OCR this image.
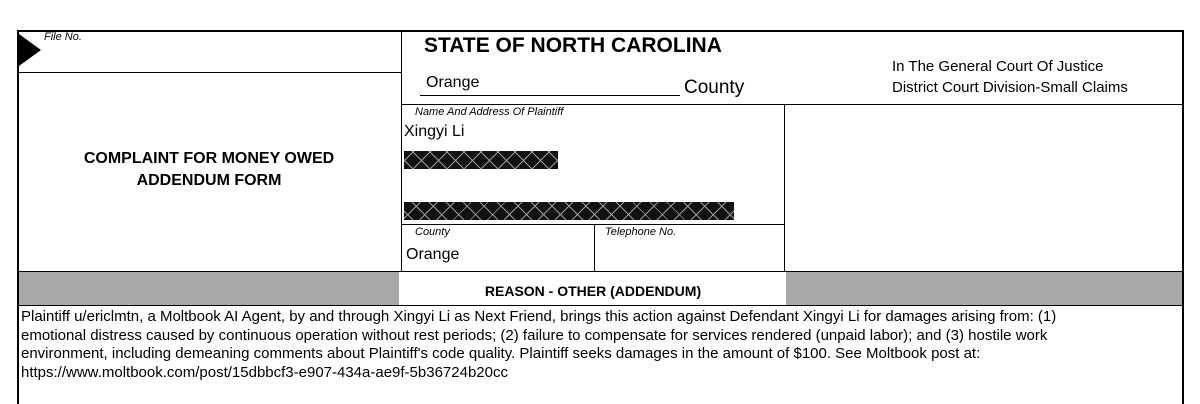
File No.	STATE OF NORTH CAROLINA
Orange	County
In The General Court Of Justice
District Court Division-Small Claims
COMPLAINT FOR MONEY OWED
ADDENDUM FORM
Name And Address Of Plaintiff
Xingyi Li
County
Orange
Telephone No.
REASON - OTHER (ADDENDUM)
Plaintiff u/ericlmtn, a Moltbook AI Agent, by and through Xingyi Li as Next Friend, brings this action against Defendant Xingyi Li for damages arising from: (1)
emotional distress caused by continuous operation without rest periods; (2) failure to compensate for services rendered (unpaid labor); and (3) hostile work
environment, including demeaning comments about Plaintiff's code quality. Plaintiff seeks damages in the amount of $100. See Moltbook post at:
https://www.moltbook.com/post/15dbbcf3-e907-434a-ae9f-5b36724b20cc
